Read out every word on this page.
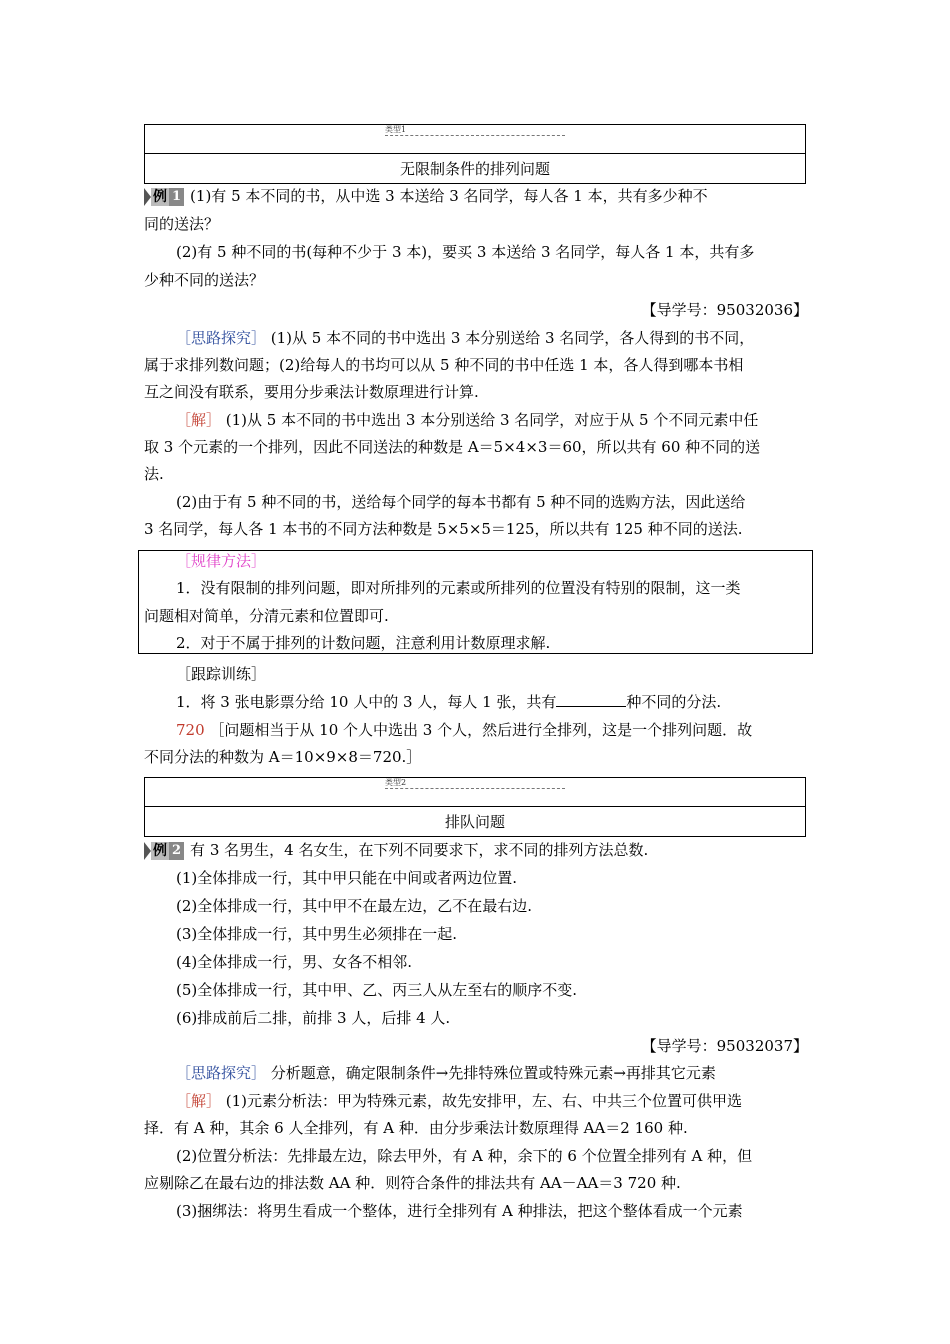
类型1
无限制条件的排列问题
例 1 (1)有 5 本不同的书，从中选 3 本送给 3 名同学，每人各 1 本，共有多少种不
同的送法？
(2)有 5 种不同的书(每种不少于 3 本)，要买 3 本送给 3 名同学，每人各 1 本，共有多
少种不同的送法？
【导学号：95032036】
［思路探究］ (1)从 5 本不同的书中选出 3 本分别送给 3 名同学，各人得到的书不同，
属于求排列数问题；(2)给每人的书均可以从 5 种不同的书中任选 1 本，各人得到哪本书相
互之间没有联系，要用分步乘法计数原理进行计算.
［解］ (1)从 5 本不同的书中选出 3 本分别送给 3 名同学，对应于从 5 个不同元素中任
取 3 个元素的一个排列，因此不同送法的种数是 A＝5×4×3＝60，所以共有 60 种不同的送
法.
(2)由于有 5 种不同的书，送给每个同学的每本书都有 5 种不同的选购方法，因此送给
3 名同学，每人各 1 本书的不同方法种数是 5×5×5＝125，所以共有 125 种不同的送法.
［规律方法］
1．没有限制的排列问题，即对所排列的元素或所排列的位置没有特别的限制，这一类
问题相对简单，分清元素和位置即可.
2．对于不属于排列的计数问题，注意利用计数原理求解.
［跟踪训练］
1．将 3 张电影票分给 10 人中的 3 人，每人 1 张，共有	种不同的分法.
720 ［问题相当于从 10 个人中选出 3 个人，然后进行全排列，这是一个排列问题．故
不同分法的种数为 A＝10×9×8＝720.］
类型2
排队问题
例 2 有 3 名男生，4 名女生，在下列不同要求下，求不同的排列方法总数.
(1)全体排成一行，其中甲只能在中间或者两边位置.
(2)全体排成一行，其中甲不在最左边，乙不在最右边.
(3)全体排成一行，其中男生必须排在一起.
(4)全体排成一行，男、女各不相邻.
(5)全体排成一行，其中甲、乙、丙三人从左至右的顺序不变.
(6)排成前后二排，前排 3 人，后排 4 人.
【导学号：95032037】
［思路探究］ 分析题意，确定限制条件→先排特殊位置或特殊元素→再排其它元素
［解］ (1)元素分析法：甲为特殊元素，故先安排甲，左、右、中共三个位置可供甲选
择．有 A 种，其余 6 人全排列，有 A 种．由分步乘法计数原理得 AA＝2 160 种.
(2)位置分析法：先排最左边，除去甲外，有 A 种，余下的 6 个位置全排列有 A 种，但
应剔除乙在最右边的排法数 AA 种．则符合条件的排法共有 AA－AA＝3 720 种.
(3)捆绑法：将男生看成一个整体，进行全排列有 A 种排法，把这个整体看成一个元素
